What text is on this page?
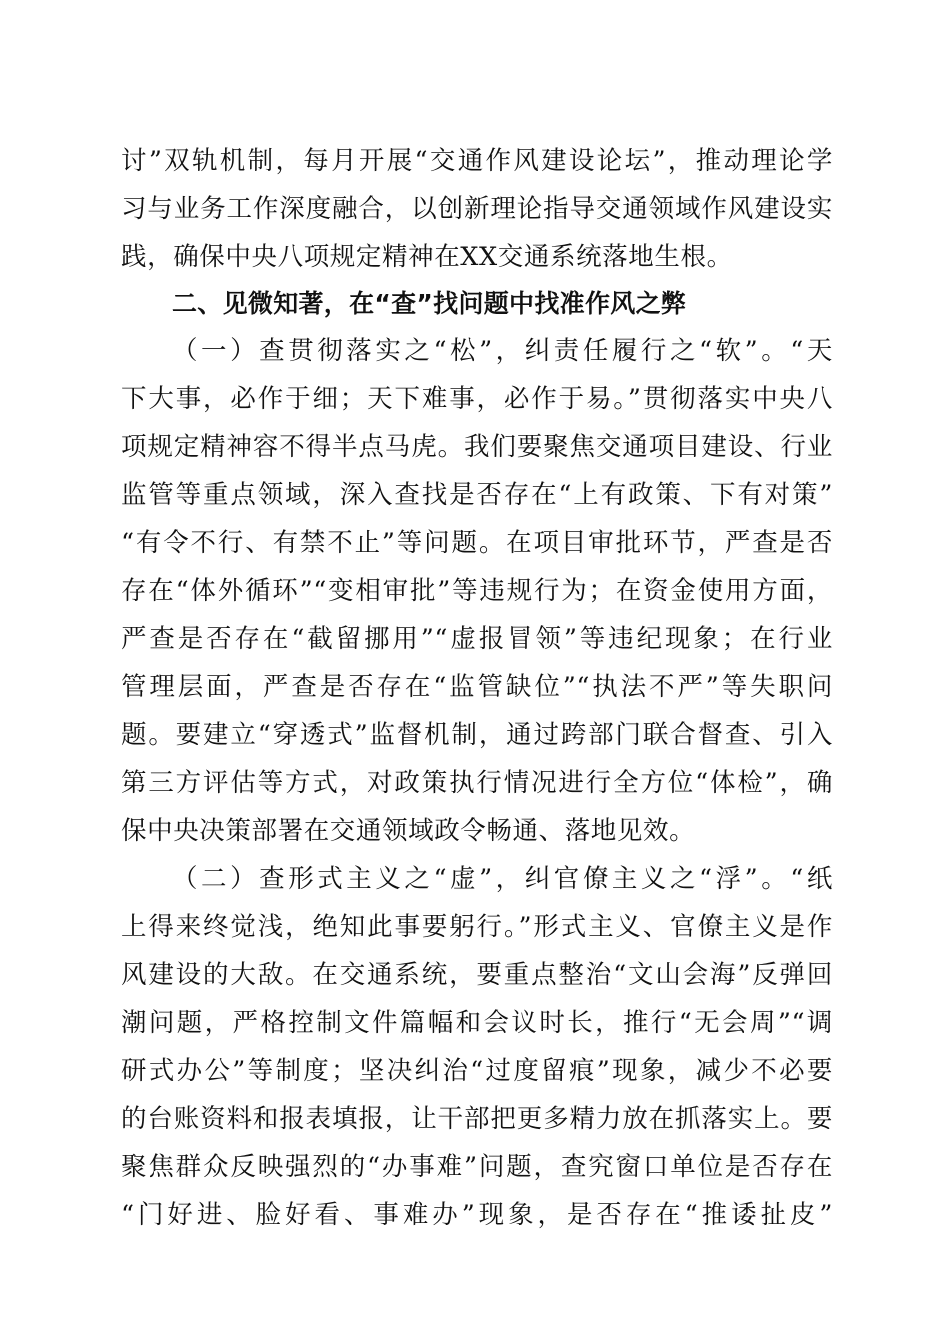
讨”双轨机制，每月开展“交通作风建设论坛”，推动理论学
习与业务工作深度融合，以创新理论指导交通领域作风建设实
践，确保中央八项规定精神在XX交通系统落地生根。
二、见微知著，在“查”找问题中找准作风之弊
（一）查贯彻落实之“松”，纠责任履行之“软”。“天
下大事，必作于细；天下难事，必作于易。”贯彻落实中央八
项规定精神容不得半点马虎。我们要聚焦交通项目建设、行业
监管等重点领域，深入查找是否存在“上有政策、下有对策”
“有令不行、有禁不止”等问题。在项目审批环节，严查是否
存在“体外循环”“变相审批”等违规行为；在资金使用方面，
严查是否存在“截留挪用”“虚报冒领”等违纪现象；在行业
管理层面，严查是否存在“监管缺位”“执法不严”等失职问
题。要建立“穿透式”监督机制，通过跨部门联合督查、引入
第三方评估等方式，对政策执行情况进行全方位“体检”，确
保中央决策部署在交通领域政令畅通、落地见效。
（二）查形式主义之“虚”，纠官僚主义之“浮”。“纸
上得来终觉浅，绝知此事要躬行。”形式主义、官僚主义是作
风建设的大敌。在交通系统，要重点整治“文山会海”反弹回
潮问题，严格控制文件篇幅和会议时长，推行“无会周”“调
研式办公”等制度；坚决纠治“过度留痕”现象，减少不必要
的台账资料和报表填报，让干部把更多精力放在抓落实上。要
聚焦群众反映强烈的“办事难”问题，查究窗口单位是否存在
“门好进、脸好看、事难办”现象，是否存在“推诿扯皮”
